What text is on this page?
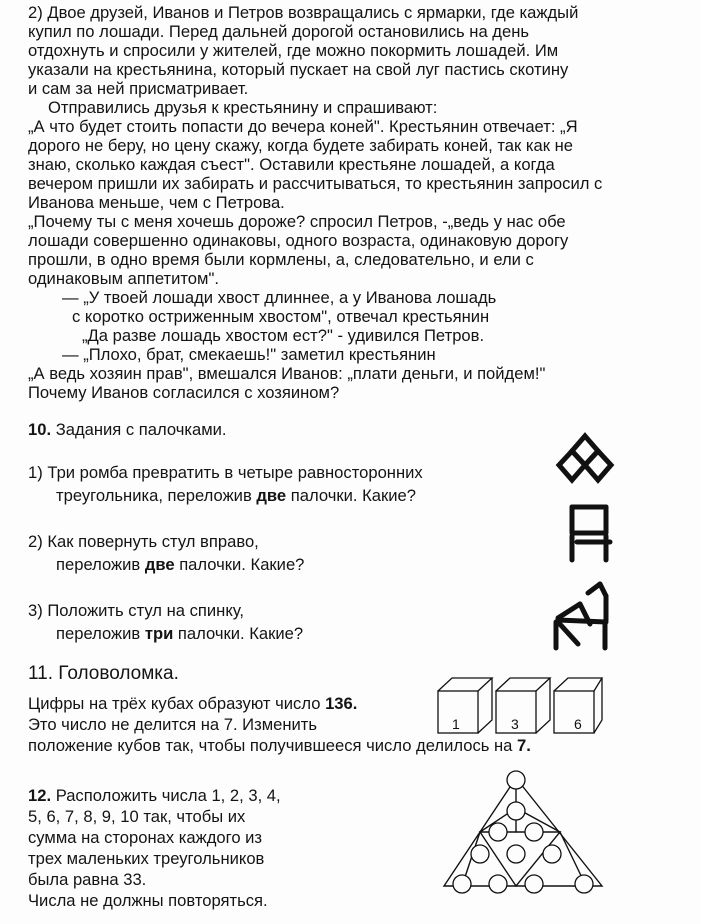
2) Двое друзей, Иванов и Петров возвращались с ярмарки, где каждый
купил по лошади. Перед дальней дорогой остановились на день
отдохнуть и спросили у жителей, где можно покормить лошадей. Им
указали на крестьянина, который пускает на свой луг пастись скотину
и сам за ней присматривает.
Отправились друзья к крестьянину и спрашивают:
„А что будет стоить попасти до вечера коней". Крестьянин отвечает: „Я
дорого не беру, но цену скажу, когда будете забирать коней, так как не
знаю, сколько каждая съест". Оставили крестьяне лошадей, а когда
вечером пришли их забирать и рассчитываться, то крестьянин запросил с
Иванова меньше, чем с Петрова.
„Почему ты с меня хочешь дороже? спросил Петров, -„ведь у нас обе
лошади совершенно одинаковы, одного возраста, одинаковую дорогу
прошли, в одно время были кормлены, а, следовательно, и ели с
одинаковым аппетитом".
— „У твоей лошади хвост длиннее, а у Иванова лошадь
с коротко остриженным хвостом", отвечал крестьянин
„Да разве лошадь хвостом ест?" - удивился Петров.
— „Плохо, брат, смекаешь!" заметил крестьянин
„А ведь хозяин прав", вмешался Иванов: „плати деньги, и пойдем!"
Почему Иванов согласился с хозяином?
10. Задания с палочками.
1) Три ромба превратить в четыре равносторонних
треугольника, переложив две палочки. Какие?
2) Как повернуть стул вправо,
переложив две палочки. Какие?
3) Положить стул на спинку,
переложив три палочки. Какие?
11. Головоломка.
Цифры на трёх кубах образуют число 136.
Это число не делится на 7. Изменить
положение кубов так, чтобы получившееся число делилось на 7.
1	3	6
12. Расположить числа 1, 2, 3, 4,
5, 6, 7, 8, 9, 10 так, чтобы их
сумма на сторонах каждого из
трех маленьких треугольников
была равна 33.
Числа не должны повторяться.
